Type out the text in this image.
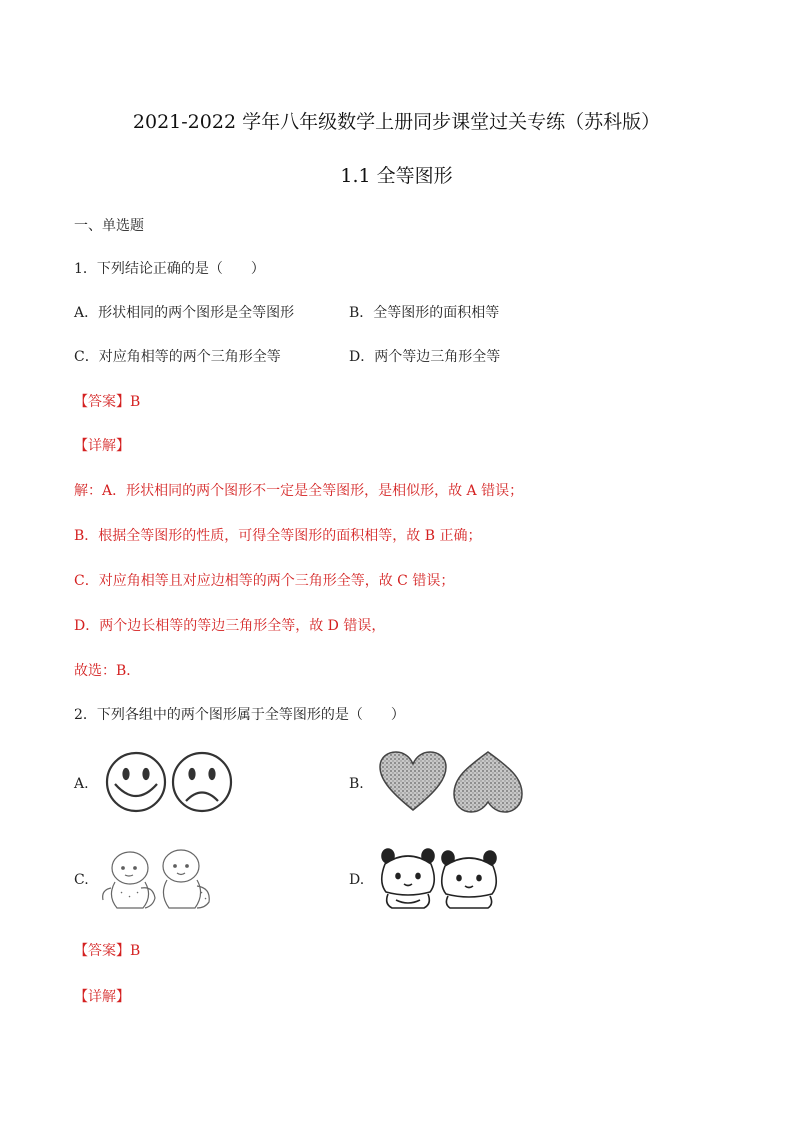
2021-2022 学年八年级数学上册同步课堂过关专练（苏科版）
1.1 全等图形
一、单选题
1．下列结论正确的是（　　）
A．形状相同的两个图形是全等图形	B．全等图形的面积相等
C．对应角相等的两个三角形全等	D．两个等边三角形全等
【答案】B
【详解】
解：A．形状相同的两个图形不一定是全等图形，是相似形，故 A 错误；
B．根据全等图形的性质，可得全等图形的面积相等，故 B 正确；
C．对应角相等且对应边相等的两个三角形全等，故 C 错误；
D．两个边长相等的等边三角形全等，故 D 错误，
故选：B．
2．下列各组中的两个图形属于全等图形的是（　　）
A.	B.
C.	D.
【答案】B
【详解】
